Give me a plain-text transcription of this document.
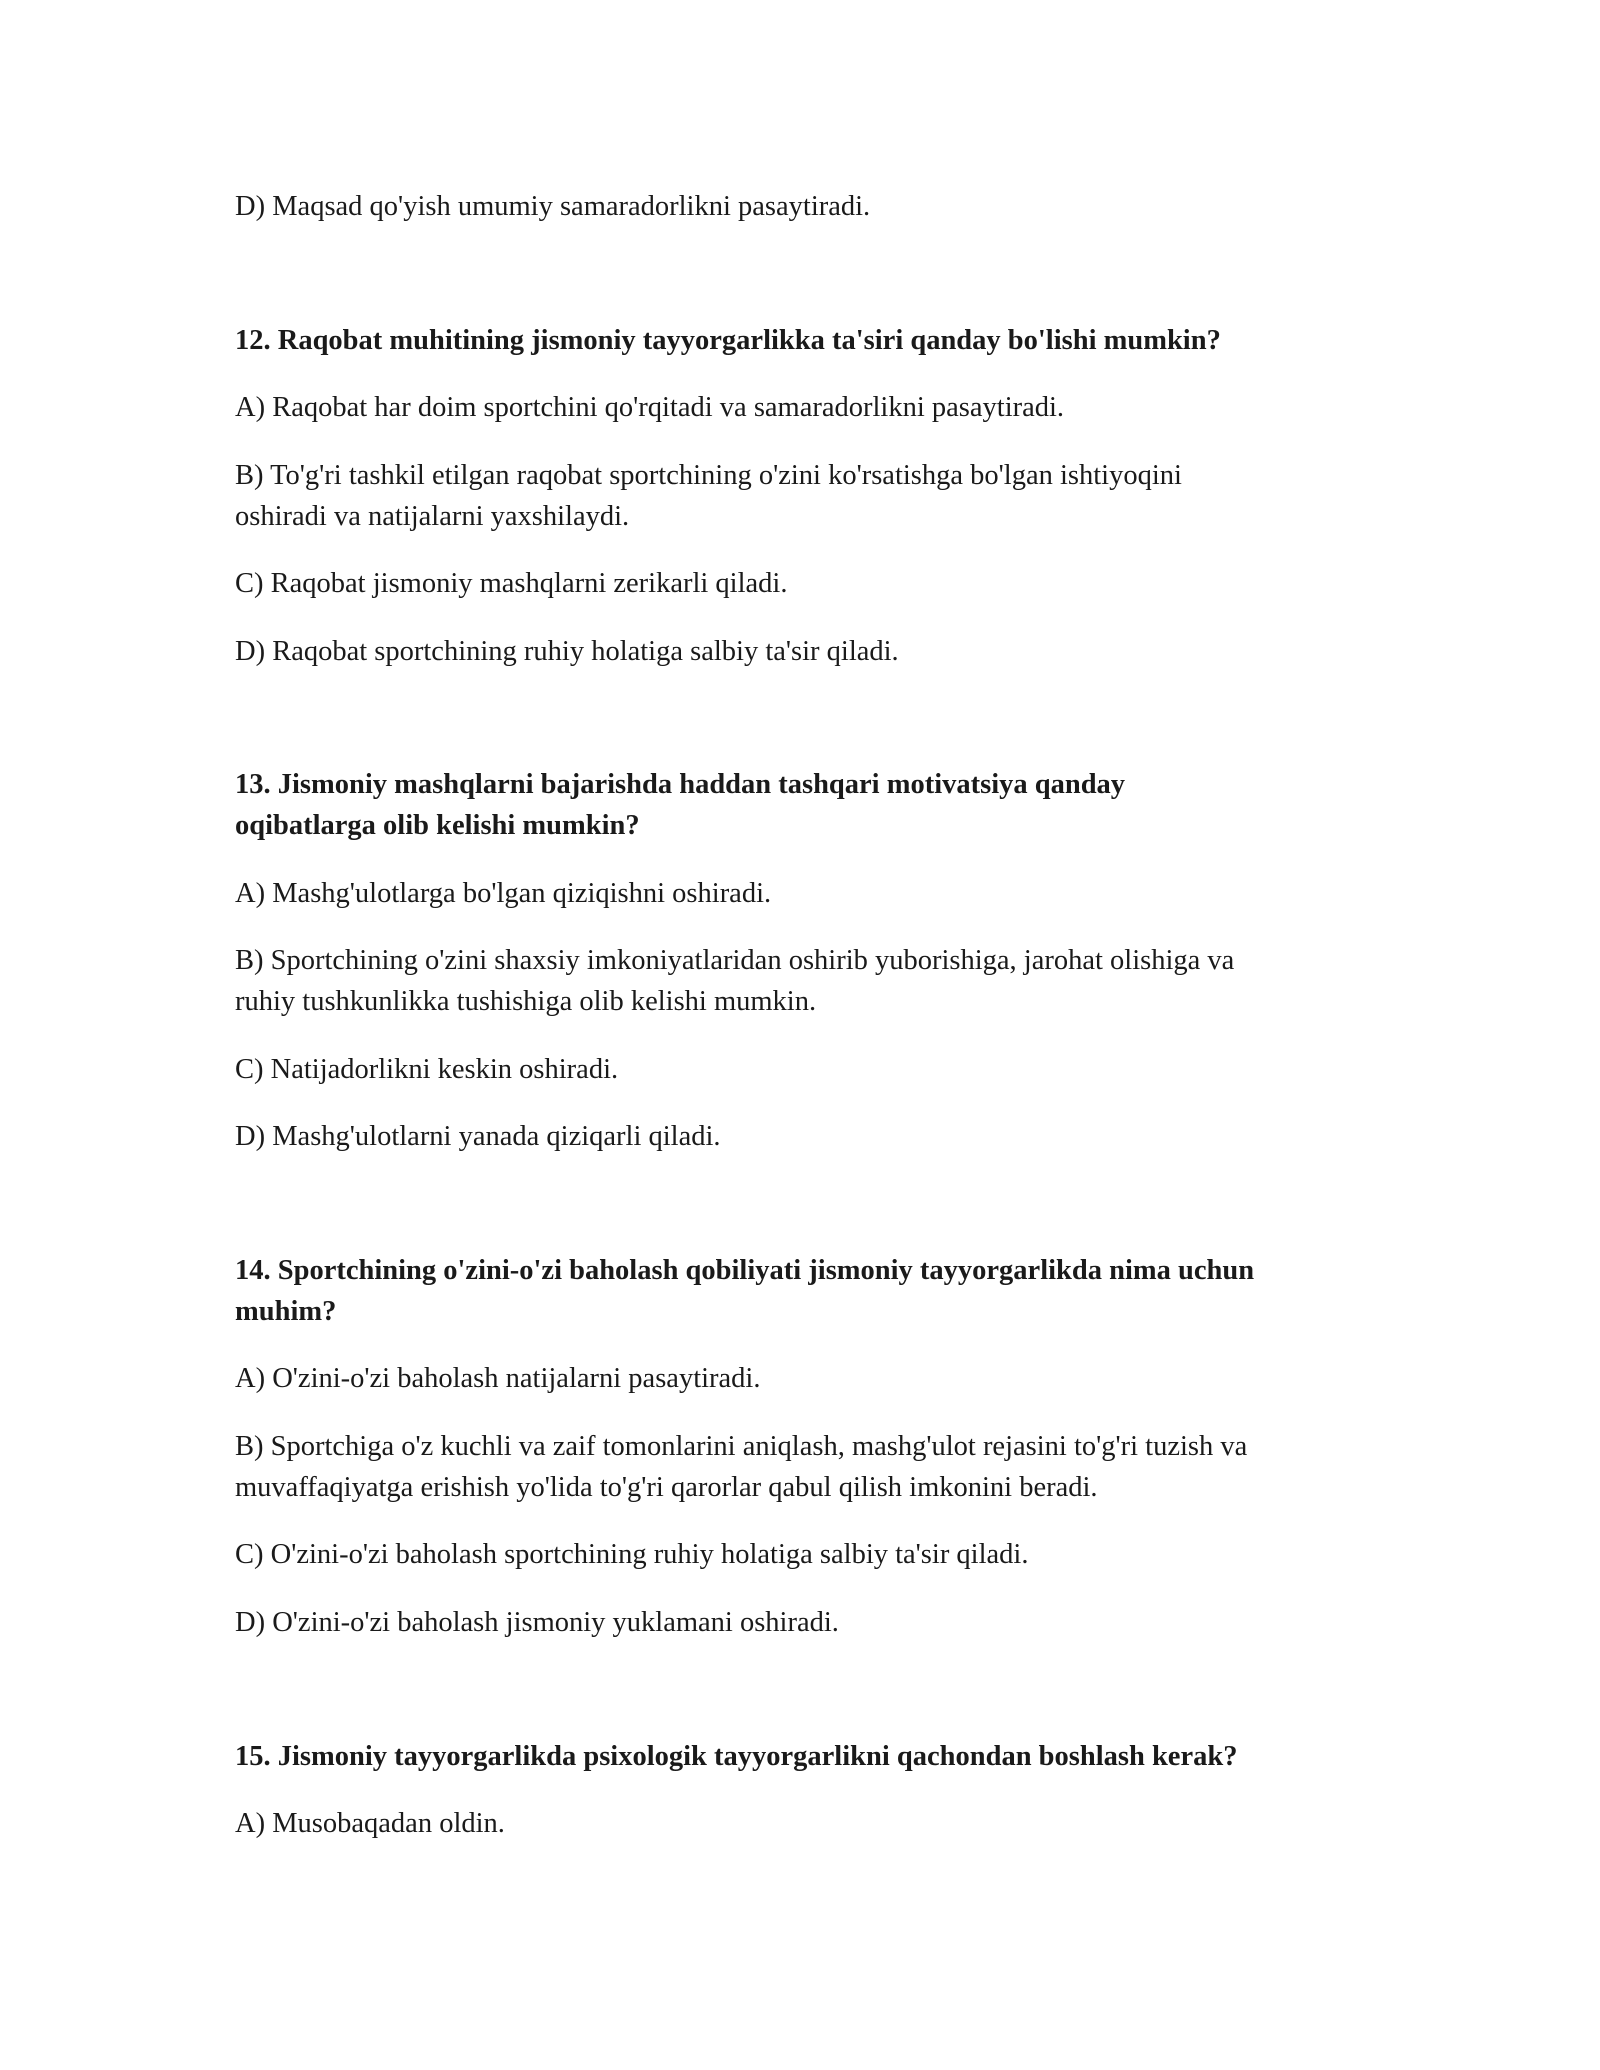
D) Maqsad qo'yish umumiy samaradorlikni pasaytiradi.
12. Raqobat muhitining jismoniy tayyorgarlikka ta'siri qanday bo'lishi mumkin?
A) Raqobat har doim sportchini qo'rqitadi va samaradorlikni pasaytiradi.
B) To'g'ri tashkil etilgan raqobat sportchining o'zini ko'rsatishga bo'lgan ishtiyoqini
oshiradi va natijalarni yaxshilaydi.
C) Raqobat jismoniy mashqlarni zerikarli qiladi.
D) Raqobat sportchining ruhiy holatiga salbiy ta'sir qiladi.
13. Jismoniy mashqlarni bajarishda haddan tashqari motivatsiya qanday
oqibatlarga olib kelishi mumkin?
A) Mashg'ulotlarga bo'lgan qiziqishni oshiradi.
B) Sportchining o'zini shaxsiy imkoniyatlaridan oshirib yuborishiga, jarohat olishiga va
ruhiy tushkunlikka tushishiga olib kelishi mumkin.
C) Natijadorlikni keskin oshiradi.
D) Mashg'ulotlarni yanada qiziqarli qiladi.
14. Sportchining o'zini-o'zi baholash qobiliyati jismoniy tayyorgarlikda nima uchun
muhim?
A) O'zini-o'zi baholash natijalarni pasaytiradi.
B) Sportchiga o'z kuchli va zaif tomonlarini aniqlash, mashg'ulot rejasini to'g'ri tuzish va
muvaffaqiyatga erishish yo'lida to'g'ri qarorlar qabul qilish imkonini beradi.
C) O'zini-o'zi baholash sportchining ruhiy holatiga salbiy ta'sir qiladi.
D) O'zini-o'zi baholash jismoniy yuklamani oshiradi.
15. Jismoniy tayyorgarlikda psixologik tayyorgarlikni qachondan boshlash kerak?
A) Musobaqadan oldin.
